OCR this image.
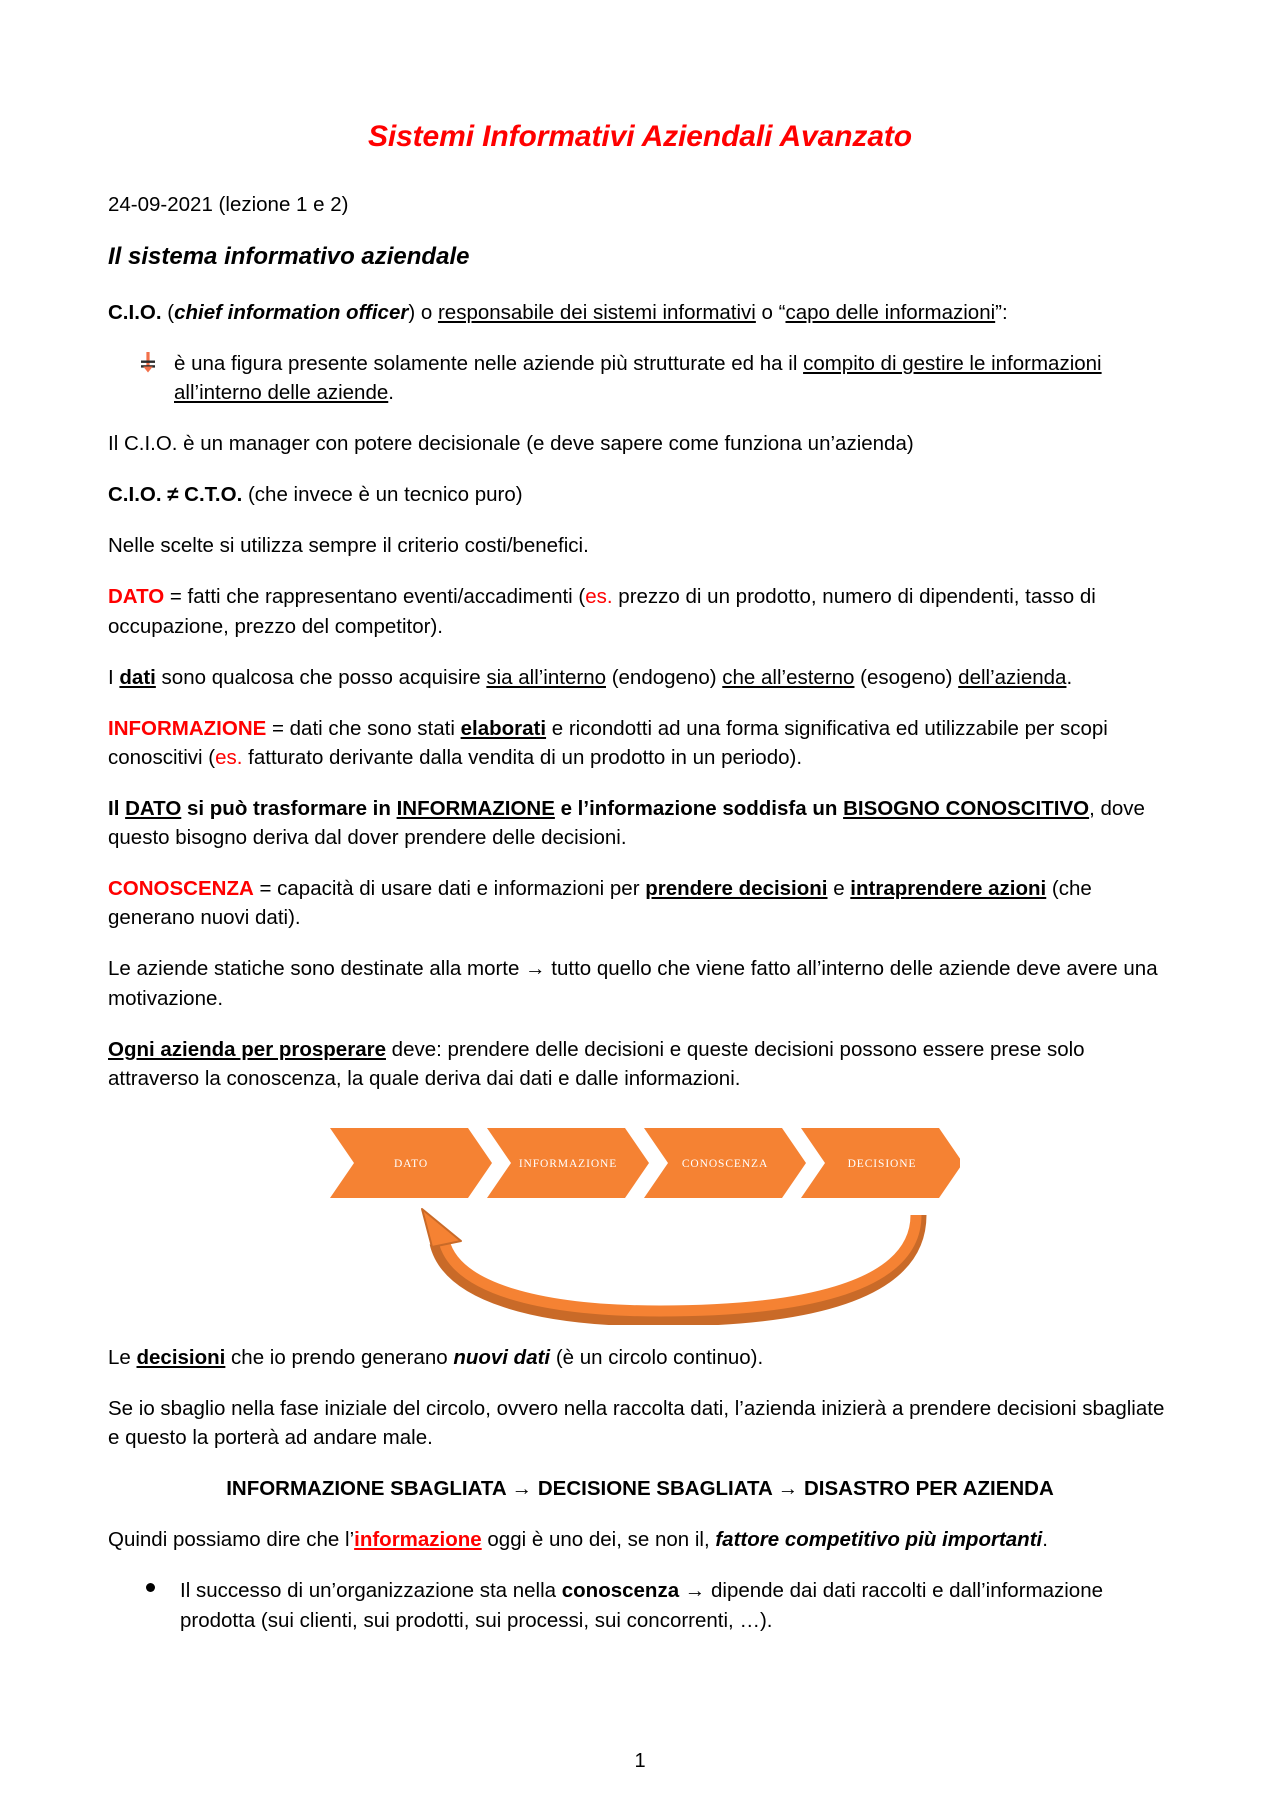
Sistemi Informativi Aziendali Avanzato

24-09-2021 (lezione 1 e 2)

Il sistema informativo aziendale

C.I.O. (chief information officer) o responsabile dei sistemi informativi o “capo delle informazioni”:

è una figura presente solamente nelle aziende più strutturate ed ha il compito di gestire le informazioni all’interno delle aziende.

Il C.I.O. è un manager con potere decisionale (e deve sapere come funziona un’azienda)

C.I.O. ≠ C.T.O. (che invece è un tecnico puro)

Nelle scelte si utilizza sempre il criterio costi/benefici.

DATO = fatti che rappresentano eventi/accadimenti (es. prezzo di un prodotto, numero di dipendenti, tasso di occupazione, prezzo del competitor).

I dati sono qualcosa che posso acquisire sia all’interno (endogeno) che all’esterno (esogeno) dell’azienda.

INFORMAZIONE = dati che sono stati elaborati e ricondotti ad una forma significativa ed utilizzabile per scopi conoscitivi (es. fatturato derivante dalla vendita di un prodotto in un periodo).

Il DATO si può trasformare in INFORMAZIONE e l’informazione soddisfa un BISOGNO CONOSCITIVO, dove questo bisogno deriva dal dover prendere delle decisioni.

CONOSCENZA = capacità di usare dati e informazioni per prendere decisioni e intraprendere azioni (che generano nuovi dati).

Le aziende statiche sono destinate alla morte → tutto quello che viene fatto all’interno delle aziende deve avere una motivazione.

Ogni azienda per prosperare deve: prendere delle decisioni e queste decisioni possono essere prese solo attraverso la conoscenza, la quale deriva dai dati e dalle informazioni.

DATO	INFORMAZIONE	CONOSCENZA	DECISIONE

Le decisioni che io prendo generano nuovi dati (è un circolo continuo).

Se io sbaglio nella fase iniziale del circolo, ovvero nella raccolta dati, l’azienda inizierà a prendere decisioni sbagliate e questo la porterà ad andare male.

INFORMAZIONE SBAGLIATA → DECISIONE SBAGLIATA → DISASTRO PER AZIENDA

Quindi possiamo dire che l’informazione oggi è uno dei, se non il, fattore competitivo più importanti.

Il successo di un’organizzazione sta nella conoscenza → dipende dai dati raccolti e dall’informazione prodotta (sui clienti, sui prodotti, sui processi, sui concorrenti, …).
1
